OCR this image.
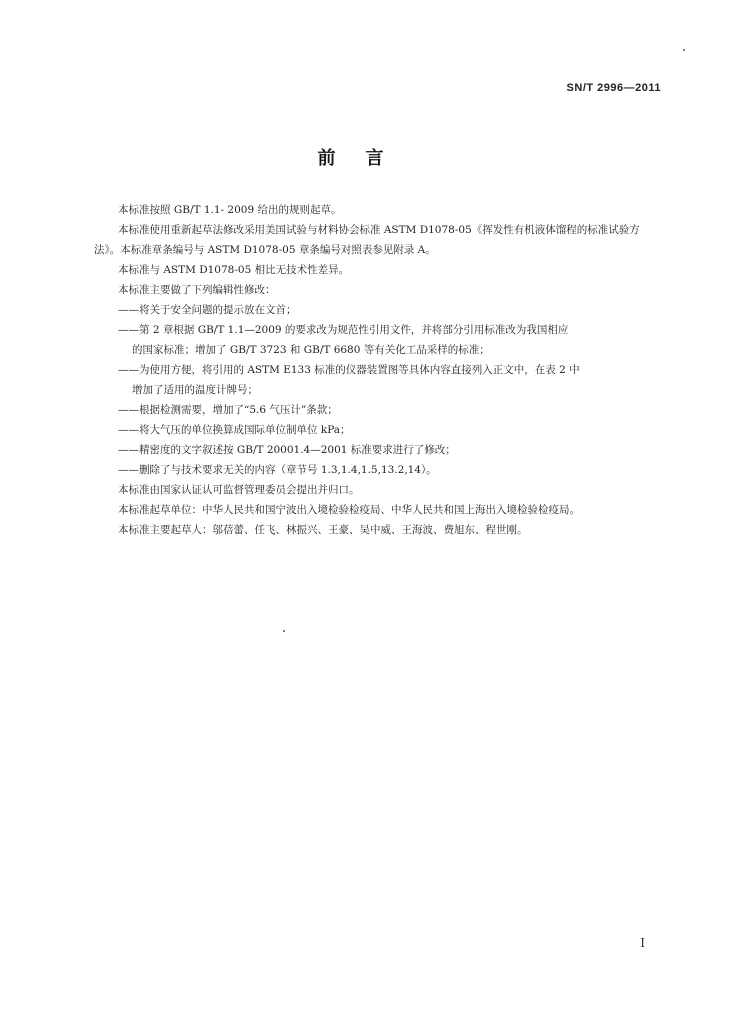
SN/T 2996—2011
前言

本标准按照 GB/T 1.1- 2009 给出的规则起草。

本标准使用重新起草法修改采用美国试验与材料协会标准 ASTM D1078-05《挥发性有机液体馏程的标准试验方法》。本标准章条编号与 ASTM D1078-05 章条编号对照表参见附录 A。

本标准与 ASTM D1078-05 相比无技术性差异。

本标准主要做了下列编辑性修改：

——将关于安全问题的提示放在文首；

——第 2 章根据 GB/T 1.1—2009 的要求改为规范性引用文件，并将部分引用标准改为我国相应

的国家标准；增加了 GB/T 3723 和 GB/T 6680 等有关化工品采样的标准；

——为使用方便，将引用的 ASTM E133 标准的仪器装置图等具体内容直接列入正文中，在表 2 中

增加了适用的温度计牌号；

——根据检测需要，增加了“5.6 气压计”条款；

——将大气压的单位换算成国际单位制单位 kPa；

——精密度的文字叙述按 GB/T 20001.4—2001 标准要求进行了修改；

——删除了与技术要求无关的内容（章节号 1.3,1.4,1.5,13.2,14）。

本标准由国家认证认可监督管理委员会提出并归口。

本标准起草单位：中华人民共和国宁波出入境检验检疫局、中华人民共和国上海出入境检验检疫局。

本标准主要起草人：邬蓓蕾、任飞、林振兴、王豪、吴中威、王海波、费旭东、程世刚。

I
